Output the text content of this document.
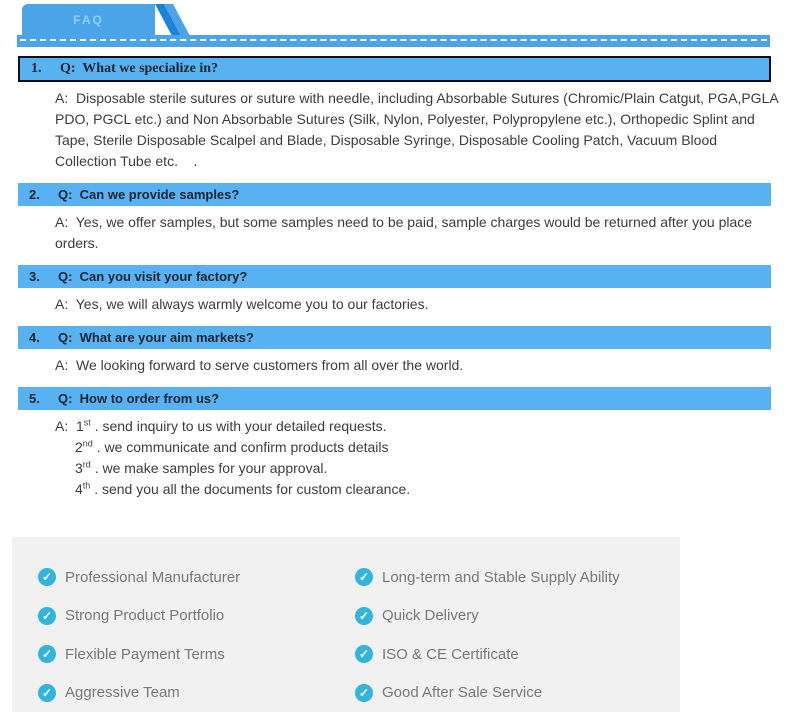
FAQ
1.	Q:  What we specialize in?
A:  Disposable sterile sutures or suture with needle, including Absorbable Sutures (Chromic/Plain Catgut, PGA,PGLA
PDO, PGCL etc.) and Non Absorbable Sutures (Silk, Nylon, Polyester, Polypropylene etc.), Orthopedic Splint and
Tape, Sterile Disposable Scalpel and Blade, Disposable Syringe, Disposable Cooling Patch, Vacuum Blood
Collection Tube etc.    .
2.	Q:  Can we provide samples?
A:  Yes, we offer samples, but some samples need to be paid, sample charges would be returned after you place
orders.
3.	Q:  Can you visit your factory?
A:  Yes, we will always warmly welcome you to our factories.
4.	Q:  What are your aim markets?
A:  We looking forward to serve customers from all over the world.
5.	Q:  How to order from us?
A:  1st . send inquiry to us with your detailed requests.
2nd . we communicate and confirm products details
3rd . we make samples for your approval.
4th . send you all the documents for custom clearance.
✓ Professional Manufacturer
✓ Strong Product Portfolio
✓ Flexible Payment Terms
✓ Aggressive Team
✓ Long-term and Stable Supply Ability
✓ Quick Delivery
✓ ISO & CE Certificate
✓ Good After Sale Service
